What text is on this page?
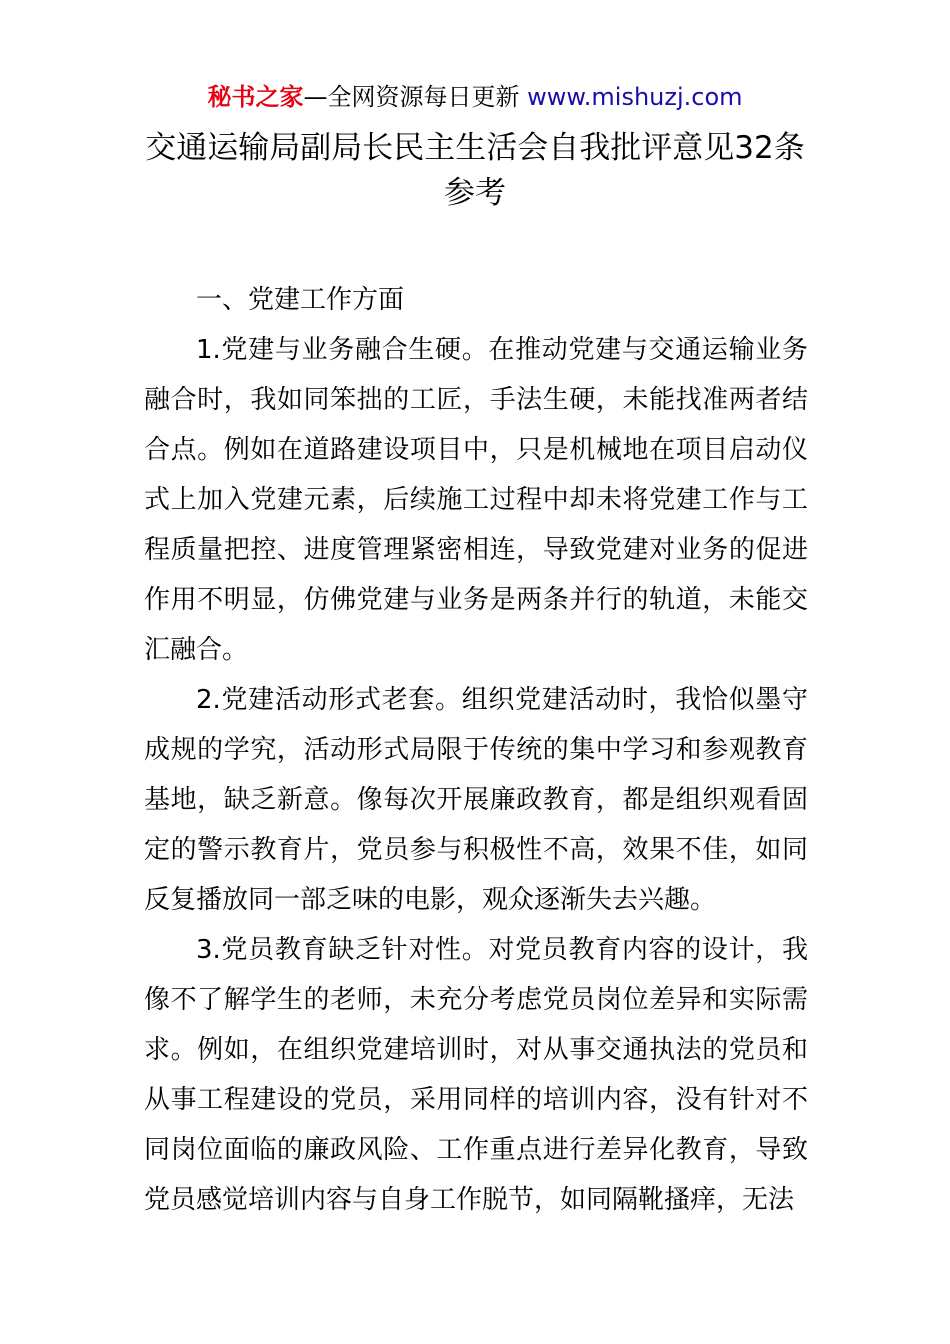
秘书之家—全网资源每日更新 www.mishuzj.com
交通运输局副局长民主生活会自我批评意见32条参考

一、党建工作方面

1.党建与业务融合生硬。在推动党建与交通运输业务融合时，我如同笨拙的工匠，手法生硬，未能找准两者结合点。例如在道路建设项目中，只是机械地在项目启动仪式上加入党建元素，后续施工过程中却未将党建工作与工程质量把控、进度管理紧密相连，导致党建对业务的促进作用不明显，仿佛党建与业务是两条并行的轨道，未能交汇融合。

2.党建活动形式老套。组织党建活动时，我恰似墨守成规的学究，活动形式局限于传统的集中学习和参观教育基地，缺乏新意。像每次开展廉政教育，都是组织观看固定的警示教育片，党员参与积极性不高，效果不佳，如同反复播放同一部乏味的电影，观众逐渐失去兴趣。

3.党员教育缺乏针对性。对党员教育内容的设计，我像不了解学生的老师，未充分考虑党员岗位差异和实际需求。例如，在组织党建培训时，对从事交通执法的党员和从事工程建设的党员，采用同样的培训内容，没有针对不同岗位面临的廉政风险、工作重点进行差异化教育，导致党员感觉培训内容与自身工作脱节，如同隔靴搔痒，无法
